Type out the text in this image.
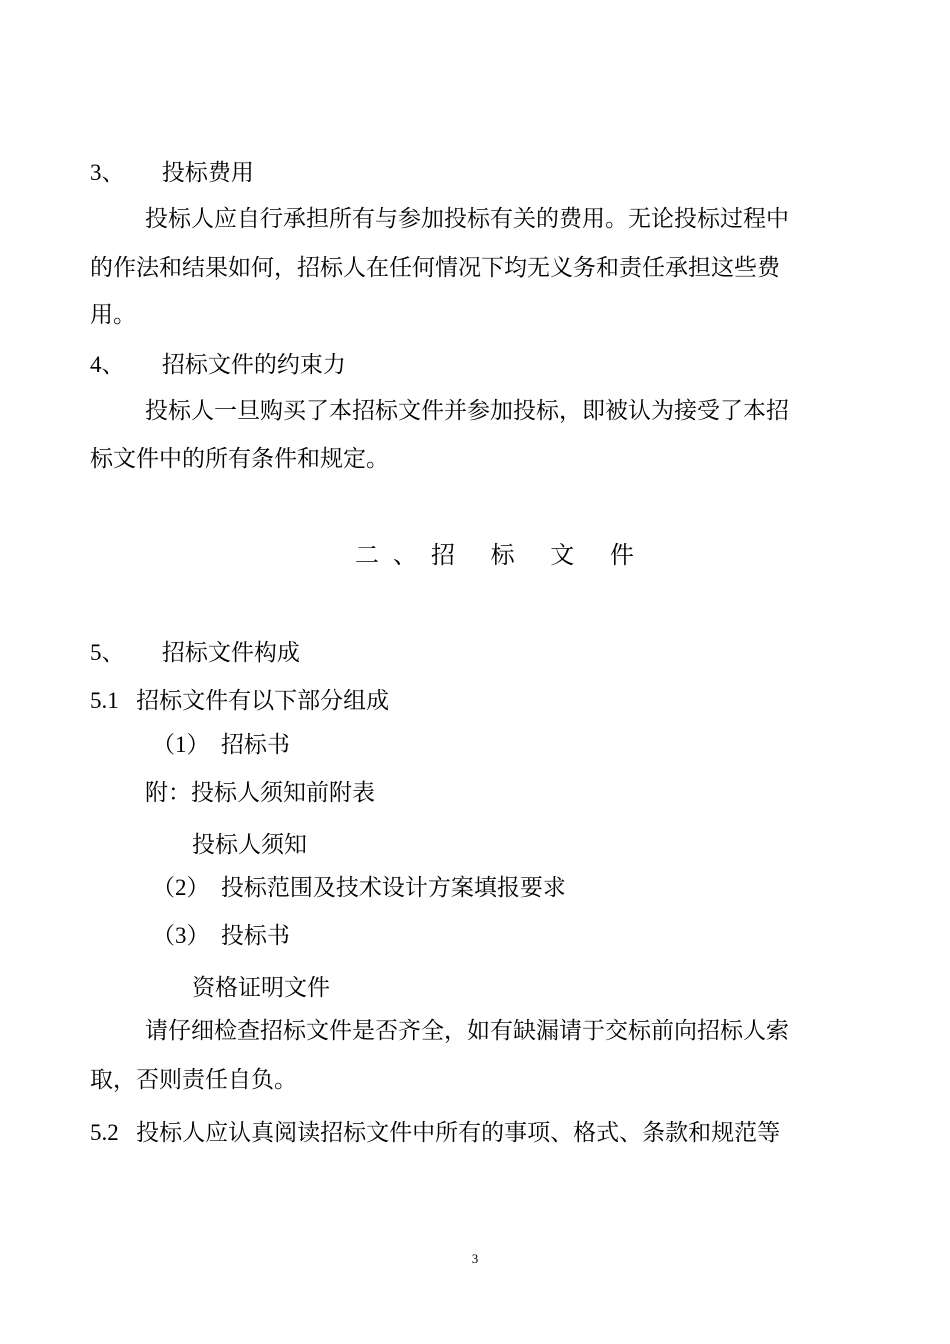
3、 投标费用
投标人应自行承担所有与参加投标有关的费用。无论投标过程中
的作法和结果如何，招标人在任何情况下均无义务和责任承担这些费
用。
4、 招标文件的约束力
投标人一旦购买了本招标文件并参加投标，即被认为接受了本招
标文件中的所有条件和规定。
二、招 标 文 件
5、 招标文件构成
5.1 招标文件有以下部分组成
（1） 招标书
附：投标人须知前附表
投标人须知
（2） 投标范围及技术设计方案填报要求
（3） 投标书
资格证明文件
请仔细检查招标文件是否齐全，如有缺漏请于交标前向招标人索
取，否则责任自负。
5.2 投标人应认真阅读招标文件中所有的事项、格式、条款和规范等
3
